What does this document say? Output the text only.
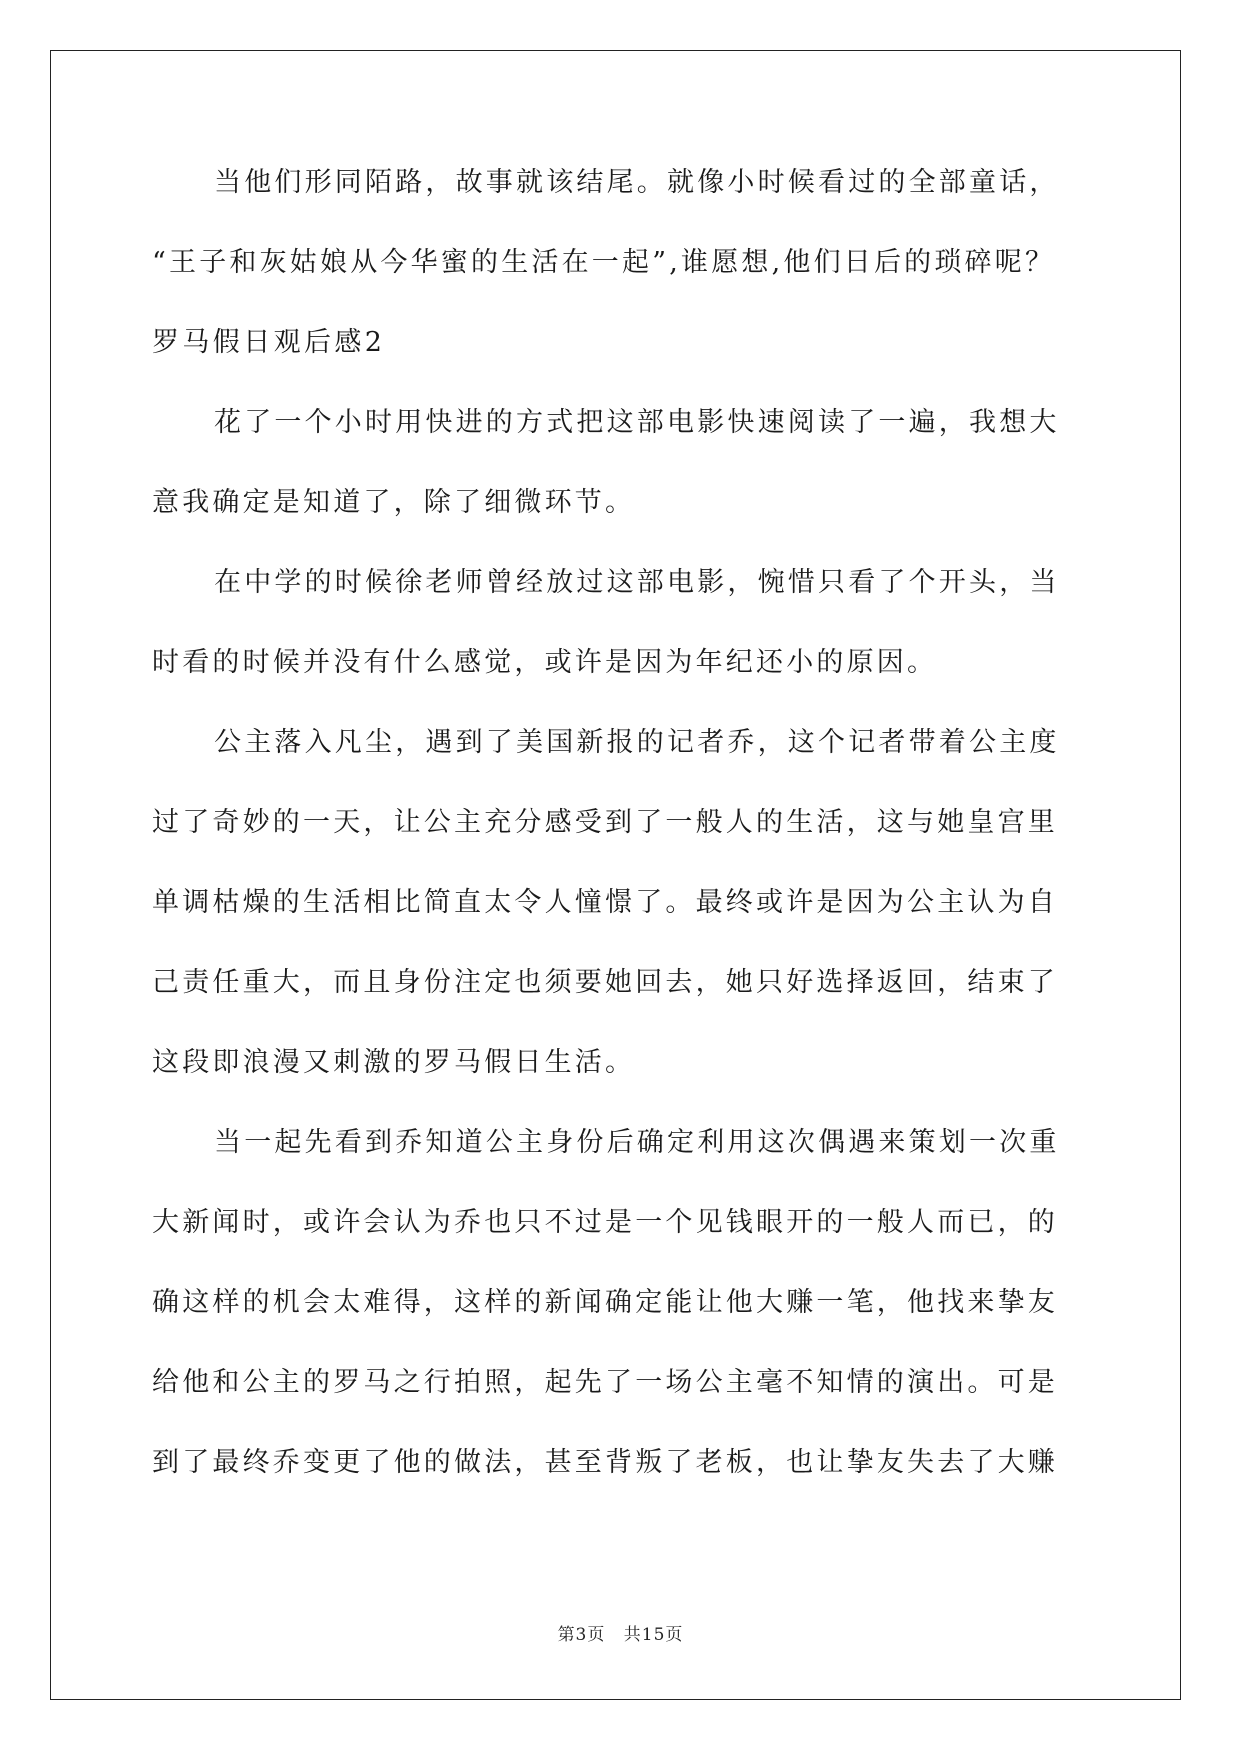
当他们形同陌路，故事就该结尾。就像小时候看过的全部童话，
“王子和灰姑娘从今华蜜的生活在一起”,谁愿想,他们日后的琐碎呢？
罗马假日观后感2
花了一个小时用快进的方式把这部电影快速阅读了一遍，我想大
意我确定是知道了，除了细微环节。
在中学的时候徐老师曾经放过这部电影，惋惜只看了个开头，当
时看的时候并没有什么感觉，或许是因为年纪还小的原因。
公主落入凡尘，遇到了美国新报的记者乔，这个记者带着公主度
过了奇妙的一天，让公主充分感受到了一般人的生活，这与她皇宫里
单调枯燥的生活相比简直太令人憧憬了。最终或许是因为公主认为自
己责任重大，而且身份注定也须要她回去，她只好选择返回，结束了
这段即浪漫又刺激的罗马假日生活。
当一起先看到乔知道公主身份后确定利用这次偶遇来策划一次重
大新闻时，或许会认为乔也只不过是一个见钱眼开的一般人而已，的
确这样的机会太难得，这样的新闻确定能让他大赚一笔，他找来挚友
给他和公主的罗马之行拍照，起先了一场公主毫不知情的演出。可是
到了最终乔变更了他的做法，甚至背叛了老板，也让挚友失去了大赚
第3页 共15页
